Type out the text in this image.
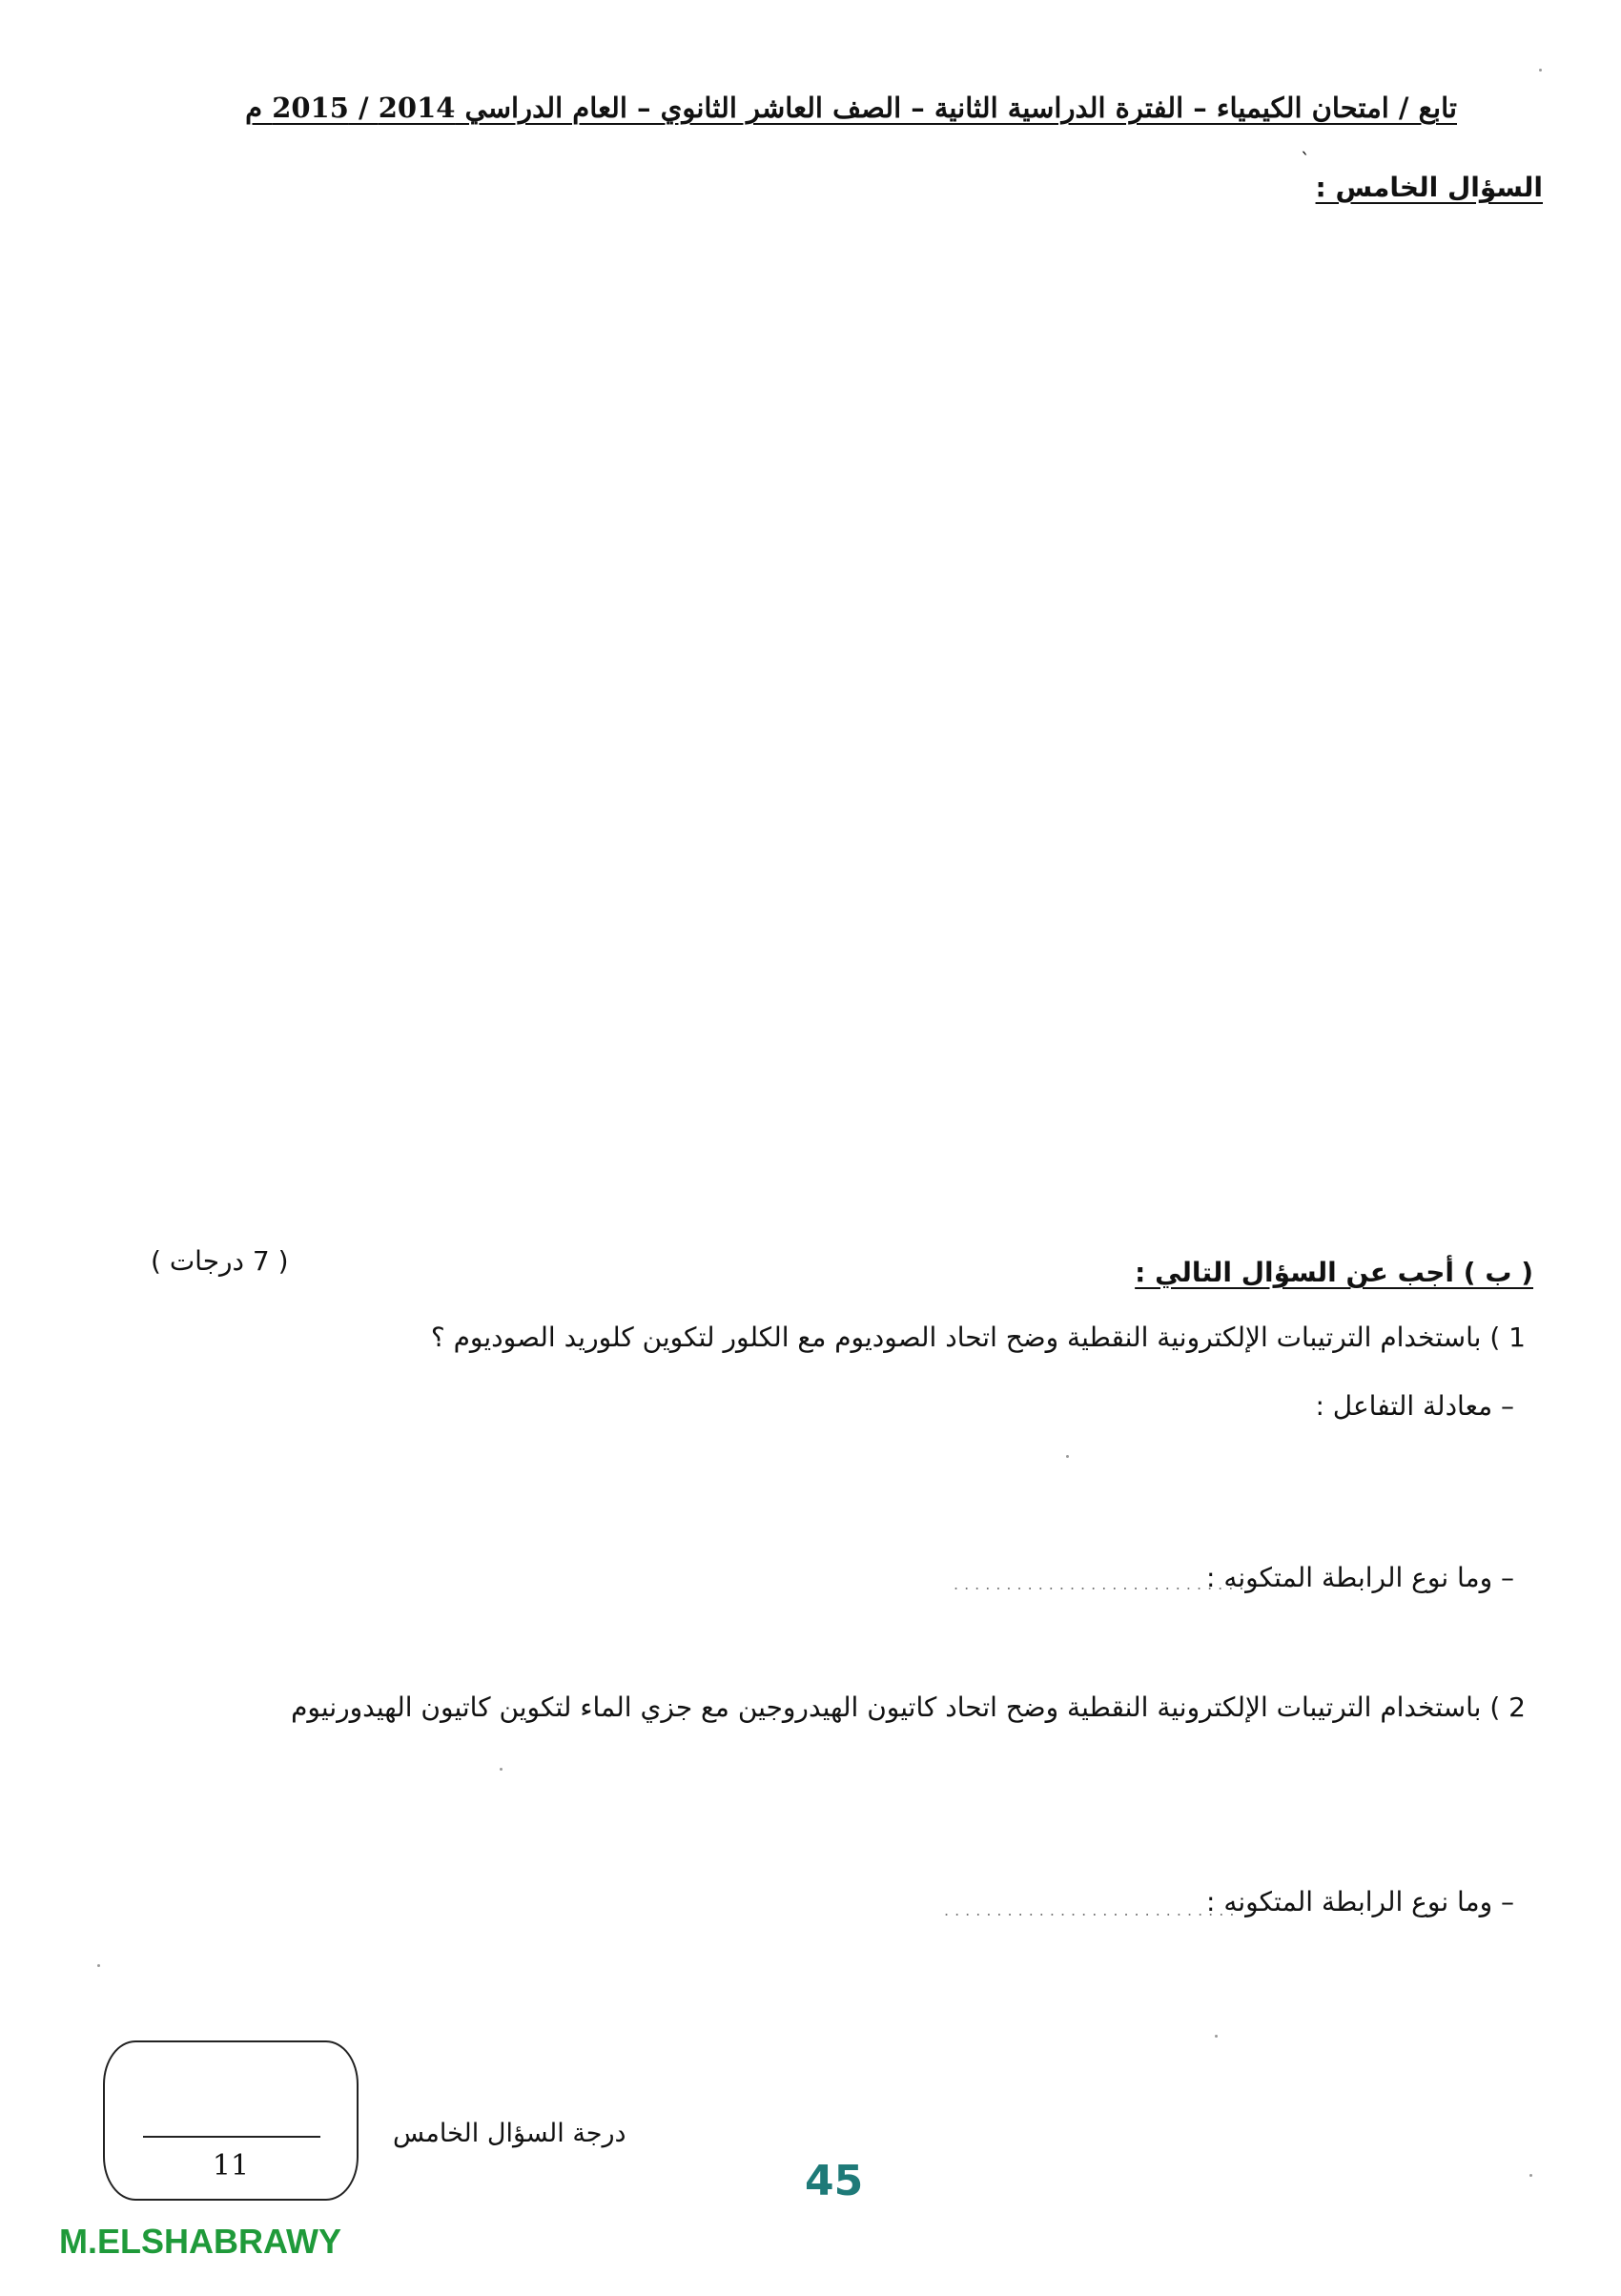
تابع / امتحان الكيمياء – الفترة الدراسية الثانية – الصف العاشر الثانوي – العام الدراسي 2014 / 2015 م
`
السؤال الخامس :
( 7 درجات )	( ب ) أجب عن السؤال التالي :
1 ) باستخدام الترتيبات الإلكترونية النقطية وضح اتحاد الصوديوم مع الكلور لتكوين كلوريد الصوديوم ؟
– معادلة التفاعل :
– وما نوع الرابطة المتكونه :
............................
2 ) باستخدام الترتيبات الإلكترونية النقطية وضح اتحاد كاتيون الهيدروجين مع جزي الماء لتكوين كاتيون الهيدورنيوم
– وما نوع الرابطة المتكونه :
............................
11
درجة السؤال الخامس
45
M.ELSHABRAWY
